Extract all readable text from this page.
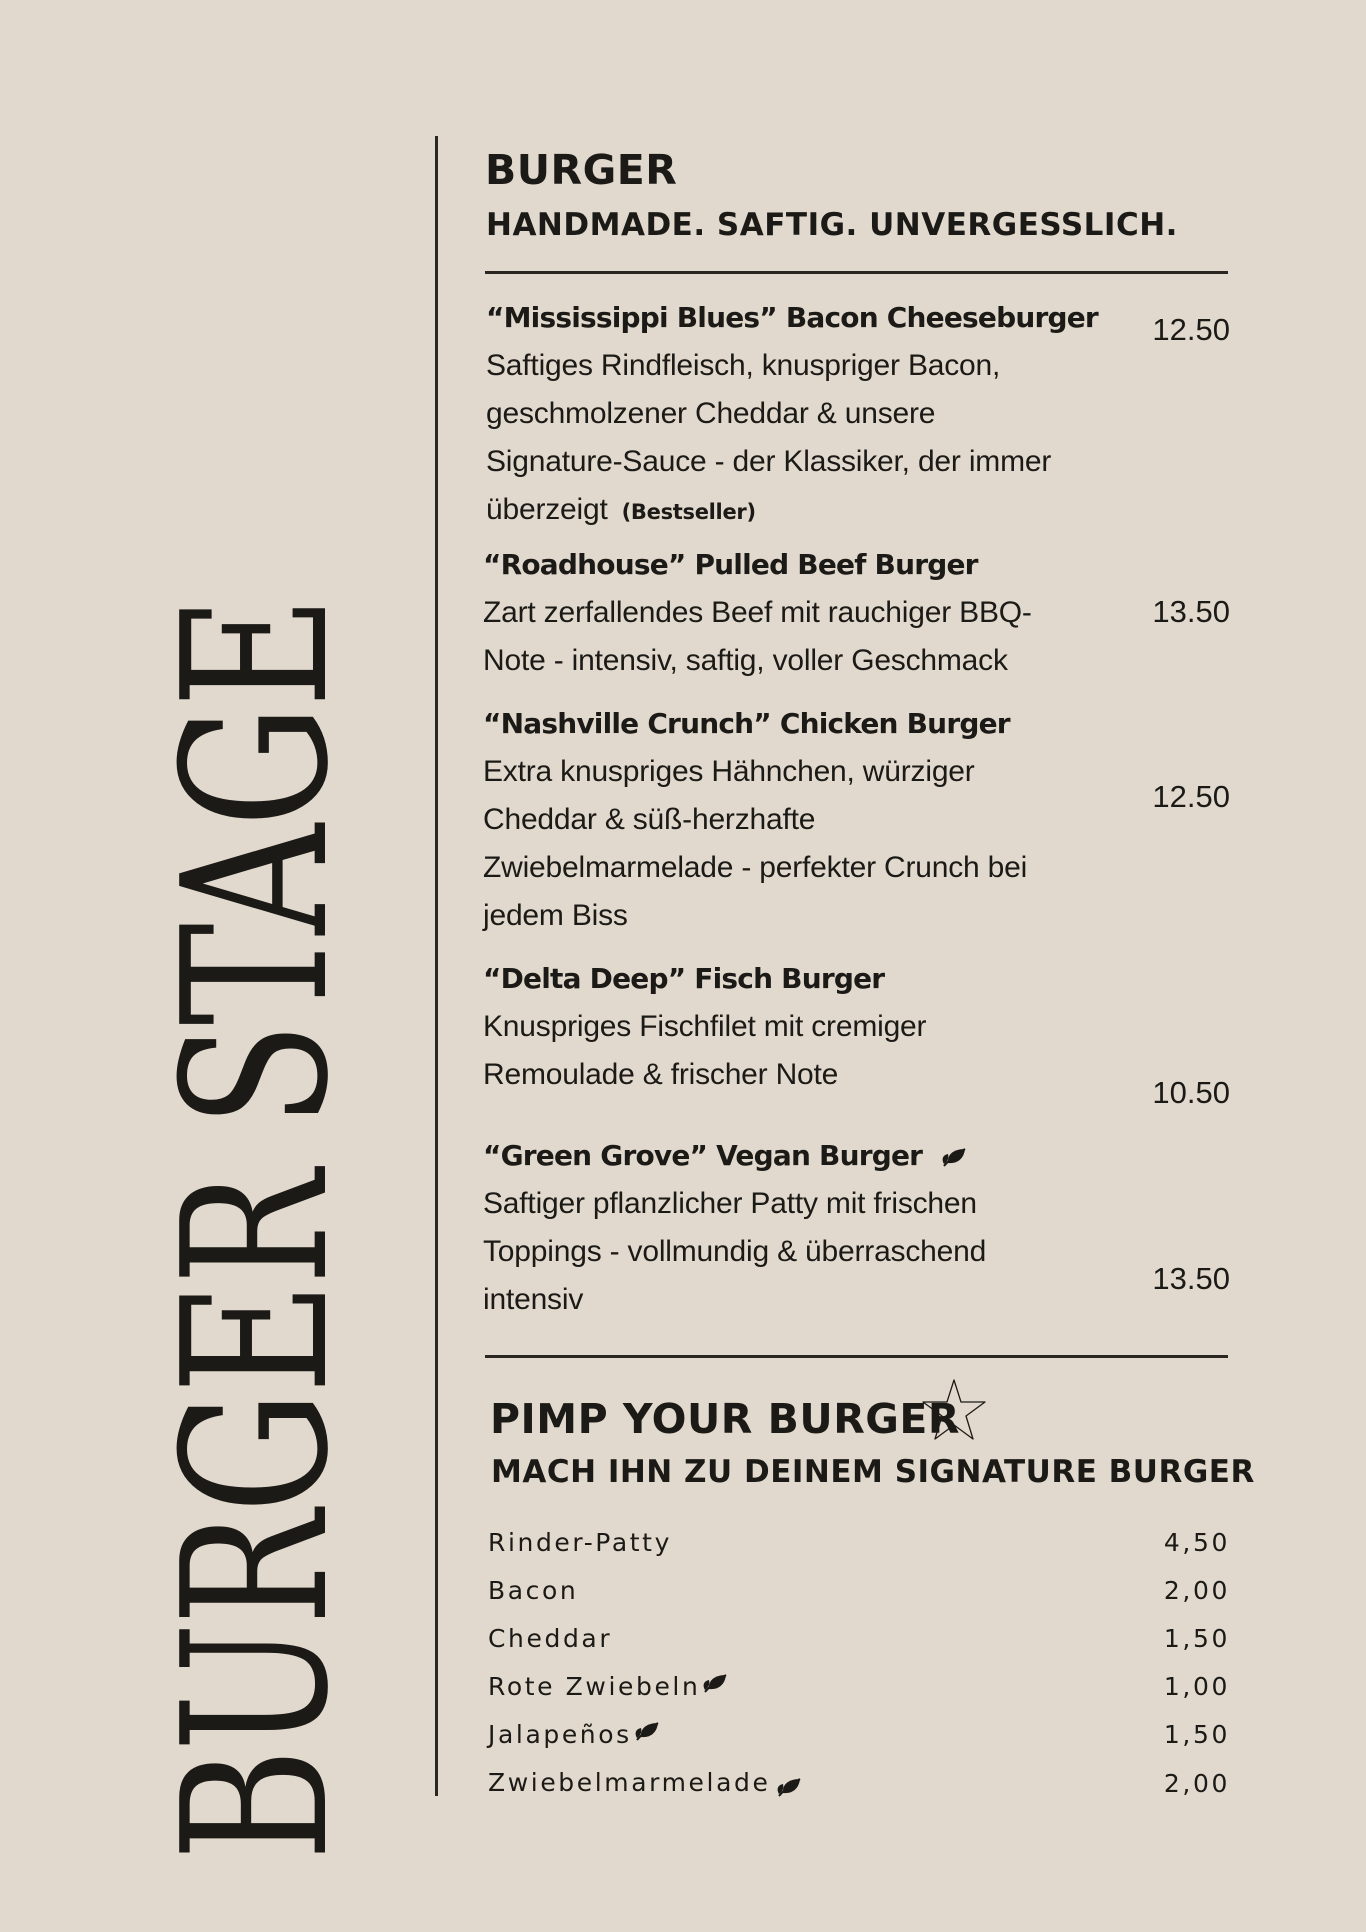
BURGER STAGE
BURGER
HANDMADE. SAFTIG. UNVERGESSLICH.
“Mississippi Blues” Bacon Cheeseburger
Saftiges Rindfleisch, knuspriger Bacon,
geschmolzener Cheddar & unsere
Signature-Sauce - der Klassiker, der immer
überzeigt (Bestseller)
12.50
“Roadhouse” Pulled Beef Burger
Zart zerfallendes Beef mit rauchiger BBQ-
Note - intensiv, saftig, voller Geschmack
13.50
“Nashville Crunch” Chicken Burger
Extra knuspriges Hähnchen, würziger
Cheddar & süß-herzhafte
Zwiebelmarmelade - perfekter Crunch bei
jedem Biss
12.50
“Delta Deep” Fisch Burger
Knuspriges Fischfilet mit cremiger
Remoulade & frischer Note
10.50
“Green Grove” Vegan Burger
Saftiger pflanzlicher Patty mit frischen
Toppings - vollmundig & überraschend
intensiv
13.50
PIMP YOUR BURGER
MACH IHN ZU DEINEM SIGNATURE BURGER
Rinder-Patty	4,50
Bacon	2,00
Cheddar	1,50
Rote Zwiebeln	1,00
Jalapeños	1,50
Zwiebelmarmelade	2,00
